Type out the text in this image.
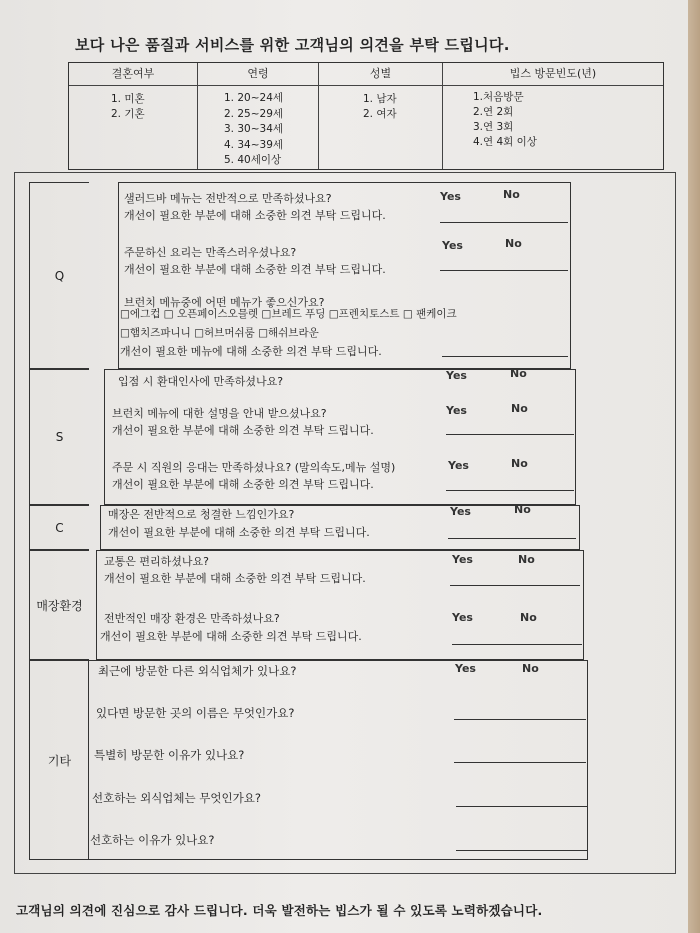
보다 나은 품질과 서비스를 위한 고객님의 의견을 부탁 드립니다.
결혼여부
1. 미혼
2. 기혼
연령
1. 20~24세
2. 25~29세
3. 30~34세
4. 34~39세
5. 40세이상
성별
1. 남자
2. 여자
빕스 방문빈도(년)
1.처음방문
2.연 2회
3.연 3회
4.연 4회 이상
Q
샐러드바 메뉴는 전반적으로 만족하셨나요?
개선이 필요한 부분에 대해 소중한 의견 부탁 드립니다.
Yes	No
주문하신 요리는 만족스러우셨나요?
개선이 필요한 부분에 대해 소중한 의견 부탁 드립니다.
Yes	No
브런치 메뉴중에 어떤 메뉴가 좋으신가요?
□에그컵 □ 오픈페이스오믈렛 □브레드 푸딩 □프렌치토스트 □ 팬케이크
□햄치즈파니니 □허브머쉬룸 □해쉬브라운
개선이 필요한 메뉴에 대해 소중한 의견 부탁 드립니다.
S
입점 시 환대인사에 만족하셨나요?	Yes	No
브런치 메뉴에 대한 설명을 안내 받으셨나요?
개선이 필요한 부분에 대해 소중한 의견 부탁 드립니다.
Yes	No
주문 시 직원의 응대는 만족하셨나요? (말의속도,메뉴 설명)
개선이 필요한 부분에 대해 소중한 의견 부탁 드립니다.
Yes	No
C
매장은 전반적으로 청결한 느낌인가요?
개선이 필요한 부분에 대해 소중한 의견 부탁 드립니다.
Yes	No
매장환경
교통은 편리하셨나요?
개선이 필요한 부분에 대해 소중한 의견 부탁 드립니다.
Yes	No
전반적인 매장 환경은 만족하셨나요?
개선이 필요한 부분에 대해 소중한 의견 부탁 드립니다.
Yes	No
기타
최근에 방문한 다른 외식업체가 있나요?	Yes	No
있다면 방문한 곳의 이름은 무엇인가요?
특별히 방문한 이유가 있나요?
선호하는 외식업체는 무엇인가요?
선호하는 이유가 있나요?
고객님의 의견에 진심으로 감사 드립니다. 더욱 발전하는 빕스가 될 수 있도록 노력하겠습니다.
